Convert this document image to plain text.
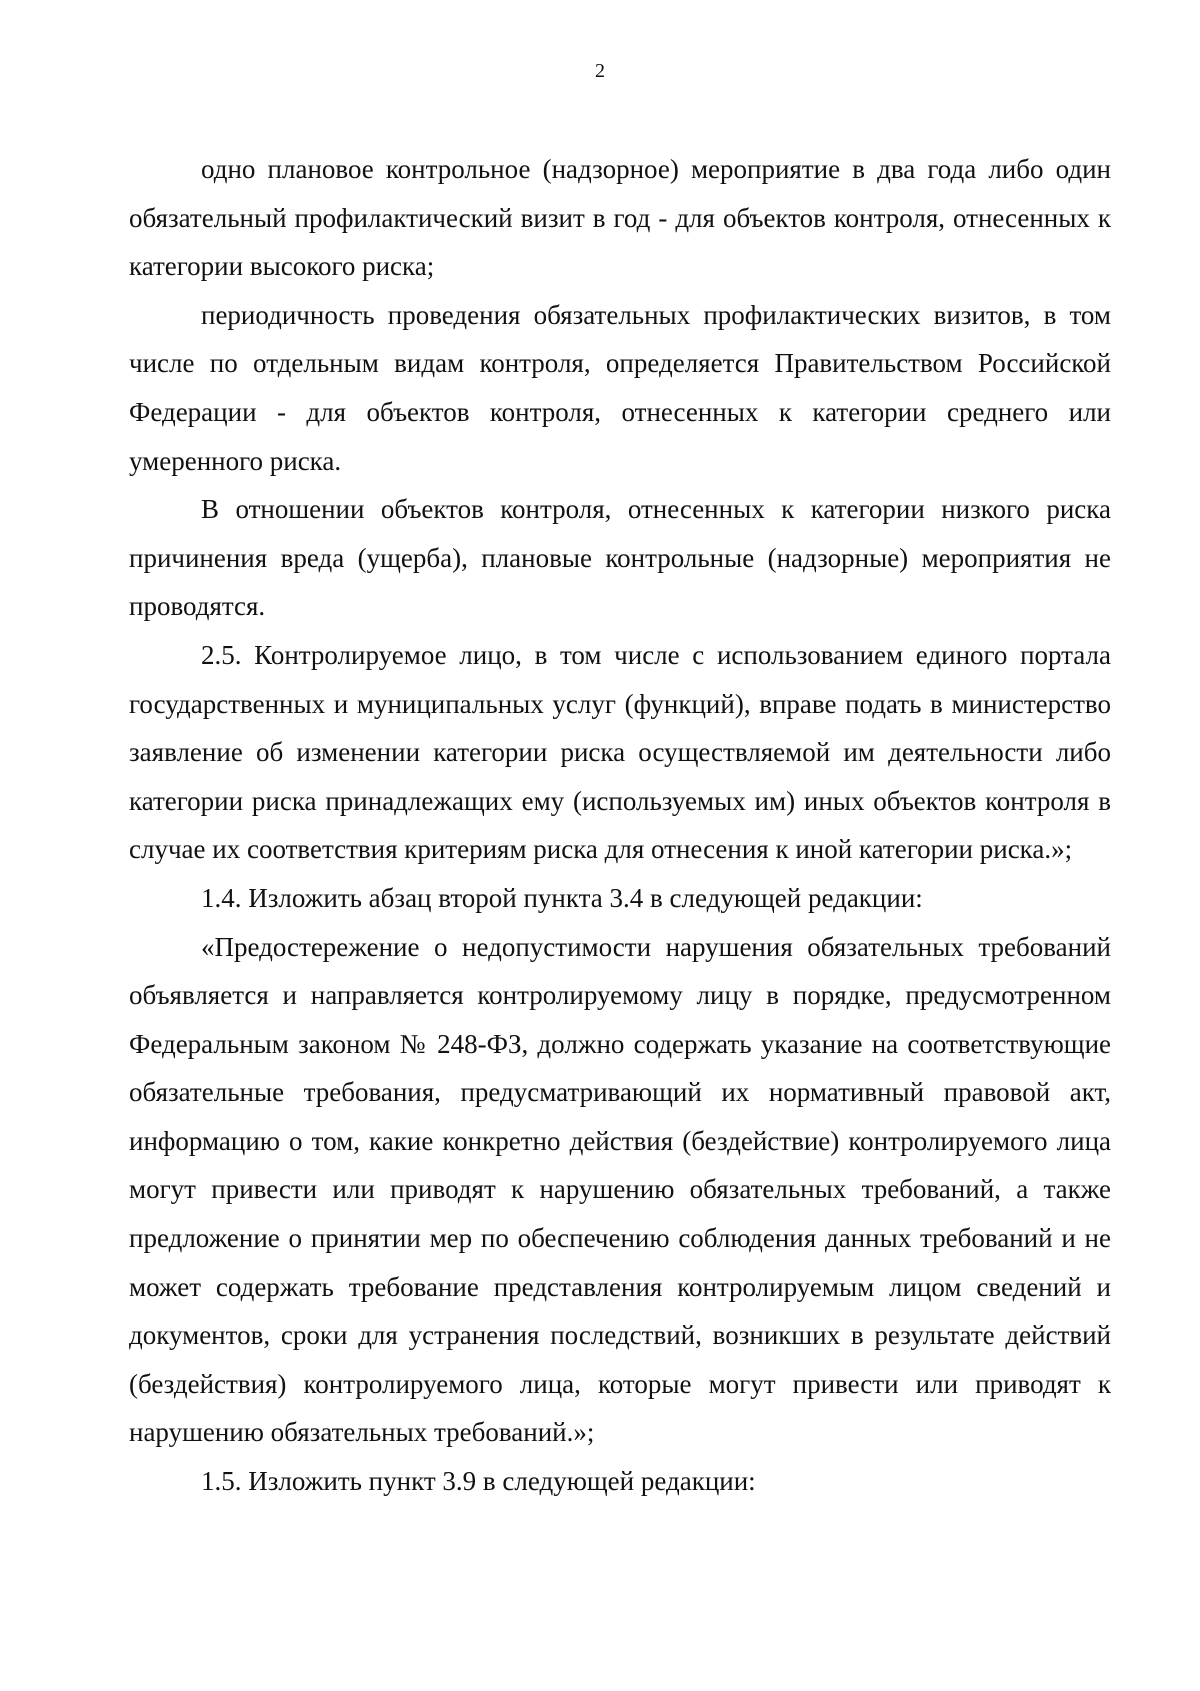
2

одно плановое контрольное (надзорное) мероприятие в два года либо один обязательный профилактический визит в год - для объектов контроля, отнесенных к категории высокого риска;

периодичность проведения обязательных профилактических визитов, в том числе по отдельным видам контроля, определяется Правительством Российской Федерации - для объектов контроля, отнесенных к категории среднего или умеренного риска.

В отношении объектов контроля, отнесенных к категории низкого риска причинения вреда (ущерба), плановые контрольные (надзорные) мероприятия не проводятся.

2.5. Контролируемое лицо, в том числе с использованием единого портала государственных и муниципальных услуг (функций), вправе подать в министерство заявление об изменении категории риска осуществляемой им деятельности либо категории риска принадлежащих ему (используемых им) иных объектов контроля в случае их соответствия критериям риска для отнесения к иной категории риска.»;

1.4. Изложить абзац второй пункта 3.4 в следующей редакции:

«Предостережение о недопустимости нарушения обязательных требований объявляется и направляется контролируемому лицу в порядке, предусмотренном Федеральным законом № 248-ФЗ, должно содержать указание на соответствующие обязательные требования, предусматривающий их нормативный правовой акт, информацию о том, какие конкретно действия (бездействие) контролируемого лица могут привести или приводят к нарушению обязательных требований, а также предложение о принятии мер по обеспечению соблюдения данных требований и не может содержать требование представления контролируемым лицом сведений и документов, сроки для устранения последствий, возникших в результате действий (бездействия) контролируемого лица, которые могут привести или приводят к нарушению обязательных требований.»;

1.5. Изложить пункт 3.9 в следующей редакции:
